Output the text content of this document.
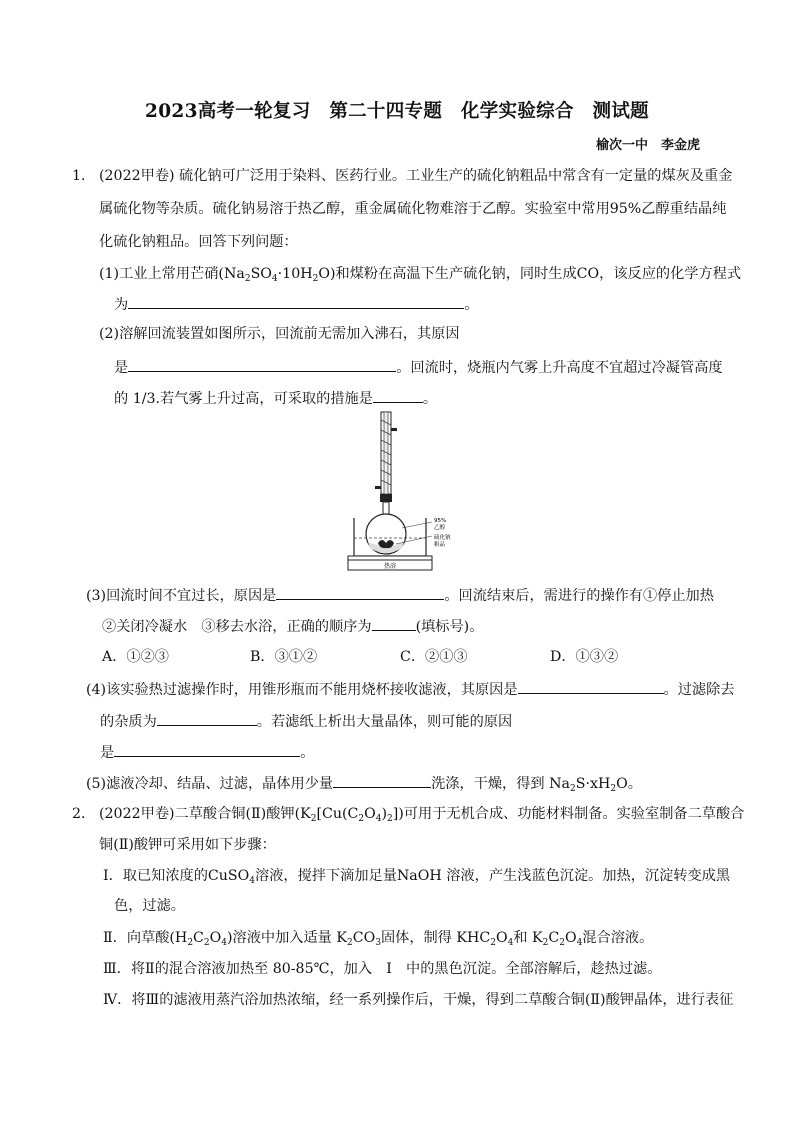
2023高考一轮复习　第二十四专题　化学实验综合　测试题
榆次一中　李金虎
1． (2022甲卷) 硫化钠可广泛用于染料、医药行业。工业生产的硫化钠粗品中常含有一定量的煤灰及重金
属硫化物等杂质。硫化钠易溶于热乙醇，重金属硫化物难溶于乙醇。实验室中常用95%乙醇重结晶纯
化硫化钠粗品。回答下列问题：
(1)工业上常用芒硝$(Na_2SO_4\cdot 10H_2O)$和煤粉在高温下生产硫化钠，同时生成CO，该反应的化学方程式
为	。
(2)溶解回流装置如图所示，回流前无需加入沸石，其原因
是	。回流时，烧瓶内气雾上升高度不宜超过冷凝管高度
的 1/3.若气雾上升过高，可采取的措施是	。
95%
乙醇
硫化钠
粗品
热浴
(3)回流时间不宜过长，原因是	。回流结束后，需进行的操作有①停止加热
②关闭冷凝水　③移去水浴，正确的顺序为	(填标号)。
A．①②③	B．③①②	C．②①③	D．①③②
(4)该实验热过滤操作时，用锥形瓶而不能用烧杯接收滤液，其原因是	。过滤除去
的杂质为	。若滤纸上析出大量晶体，则可能的原因
是	。
(5)滤液冷却、结晶、过滤，晶体用少量	洗涤，干燥，得到 $Na_2S\cdot xH_2O$。
2． (2022甲卷)二草酸合铜(Ⅱ)酸钾$(K_2[Cu(C_2O_4)_2])$可用于无机合成、功能材料制备。实验室制备二草酸合
铜(Ⅱ)酸钾可采用如下步骤：
Ⅰ．取已知浓度的CuSO$_4$溶液，搅拌下滴加足量NaOH 溶液，产生浅蓝色沉淀。加热，沉淀转变成黑
色，过滤。
Ⅱ．向草酸$(H_2C_2O_4)$溶液中加入适量 $K_2CO_3$固体，制得 $KHC_2O_4$和 $K_2C_2O_4$混合溶液。
Ⅲ．将Ⅱ的混合溶液加热至 80-85℃，加入　Ⅰ　中的黑色沉淀。全部溶解后，趁热过滤。
Ⅳ．将Ⅲ的滤液用蒸汽浴加热浓缩，经一系列操作后，干燥，得到二草酸合铜(Ⅱ)酸钾晶体，进行表征
